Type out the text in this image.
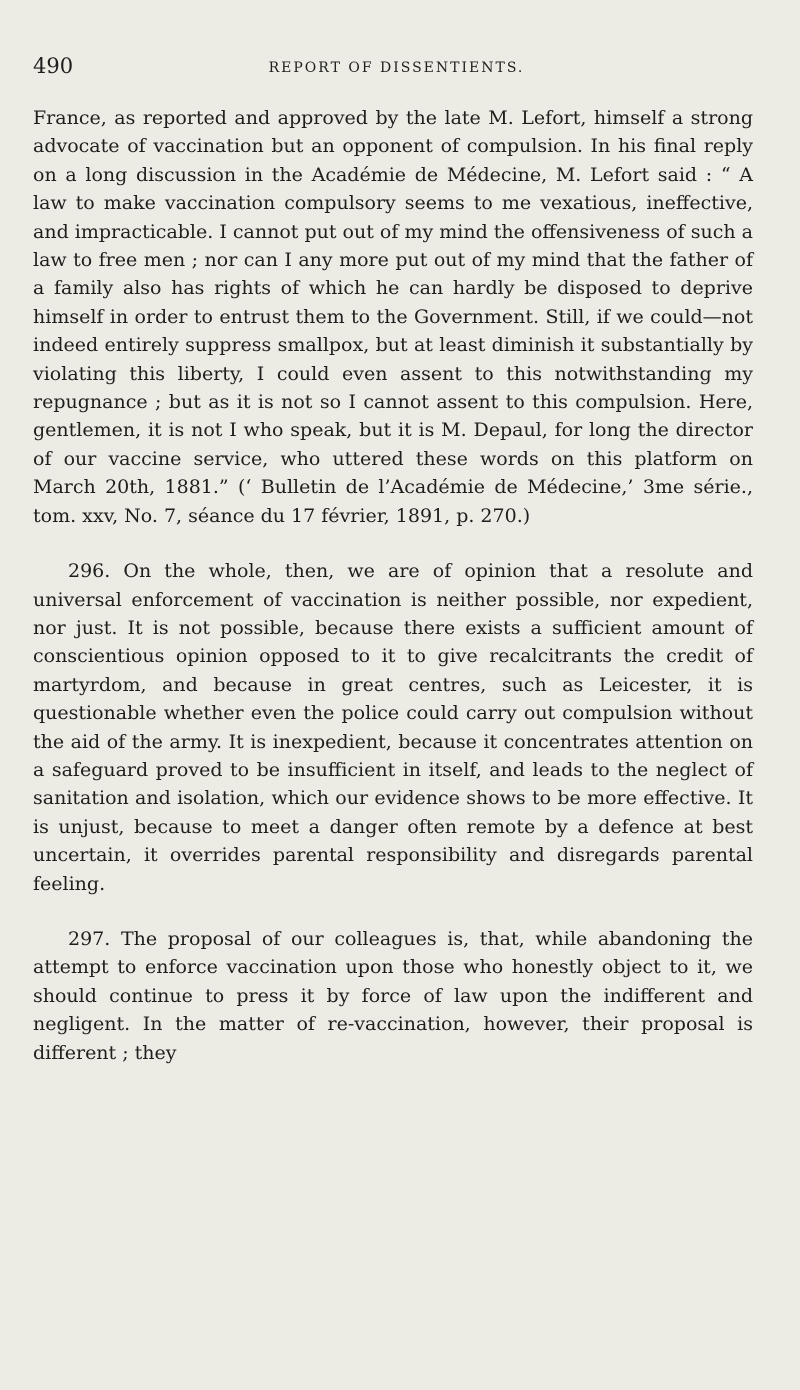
490	REPORT OF DISSENTIENTS.

France, as reported and approved by the late M. Lefort, himself a strong advocate of vaccination but an opponent of compulsion. In his final reply on a long discussion in the Académie de Médecine, M. Lefort said : “ A law to make vaccination compulsory seems to me vexatious, ineffective, and impracticable. I cannot put out of my mind the offensiveness of such a law to free men ; nor can I any more put out of my mind that the father of a family also has rights of which he can hardly be disposed to deprive himself in order to entrust them to the Government. Still, if we could—not indeed entirely suppress smallpox, but at least diminish it substantially by violating this liberty, I could even assent to this notwithstanding my repugnance ; but as it is not so I cannot assent to this compulsion. Here, gentlemen, it is not I who speak, but it is M. Depaul, for long the director of our vaccine service, who uttered these words on this platform on March 20th, 1881.” (‘ Bulletin de l’Académie de Médecine,’ 3me série., tom. xxv, No. 7, séance du 17 février, 1891, p. 270.)

296. On the whole, then, we are of opinion that a resolute and universal enforcement of vaccination is neither possible, nor expedient, nor just. It is not possible, because there exists a sufficient amount of conscientious opinion opposed to it to give recalcitrants the credit of martyrdom, and because in great centres, such as Leicester, it is questionable whether even the police could carry out compulsion without the aid of the army. It is inexpedient, because it concentrates attention on a safeguard proved to be insufficient in itself, and leads to the neglect of sanitation and isolation, which our evidence shows to be more effective. It is unjust, because to meet a danger often remote by a defence at best uncertain, it overrides parental responsibility and disregards parental feeling.

297. The proposal of our colleagues is, that, while abandoning the attempt to enforce vaccination upon those who honestly object to it, we should continue to press it by force of law upon the indifferent and negligent. In the matter of re-vaccination, however, their proposal is different ; they
